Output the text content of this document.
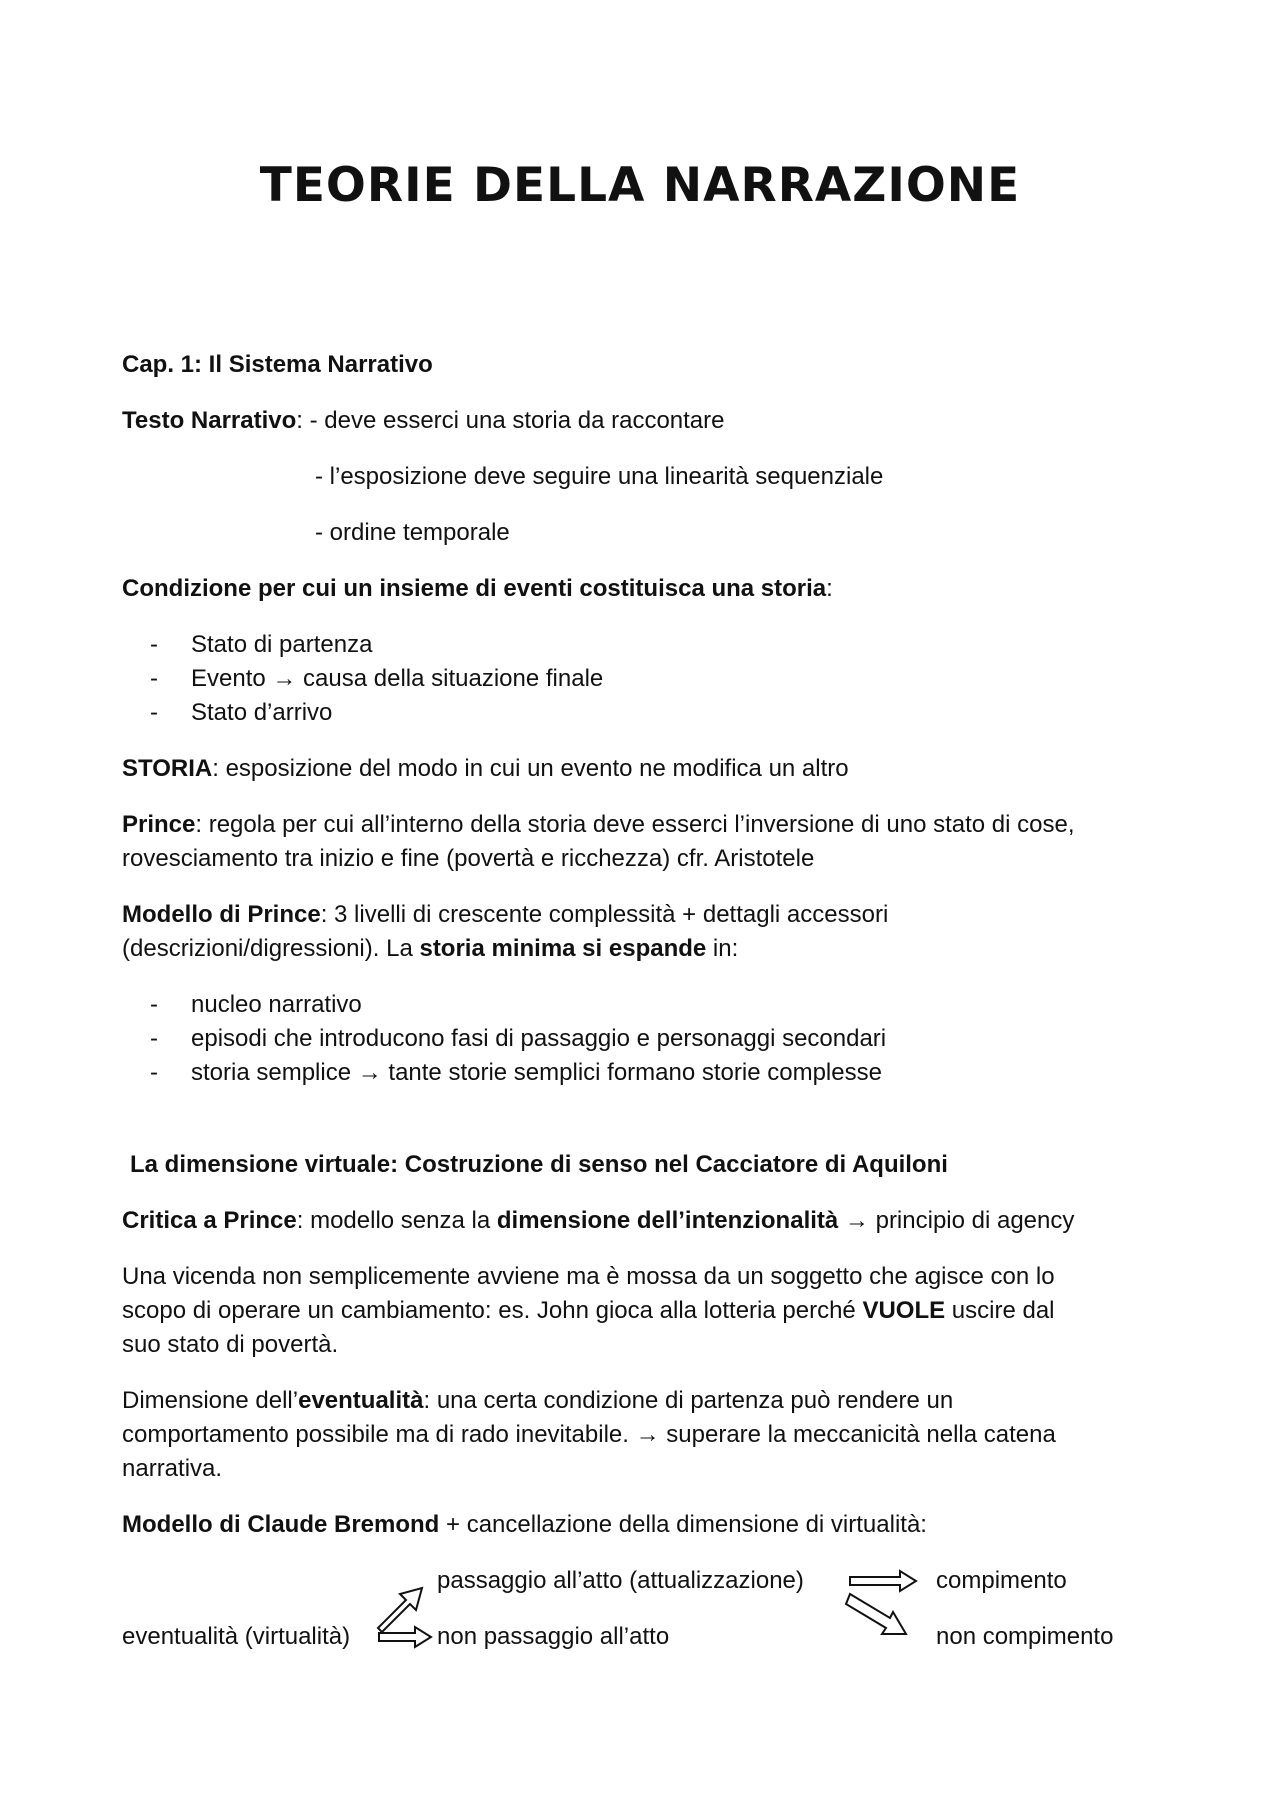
TEORIE DELLA NARRAZIONE

Cap. 1: Il Sistema Narrativo

Testo Narrativo: - deve esserci una storia da raccontare

- l’esposizione deve seguire una linearità sequenziale

- ordine temporale

Condizione per cui un insieme di eventi costituisca una storia:

- Stato di partenza

- Evento → causa della situazione finale

- Stato d’arrivo

STORIA: esposizione del modo in cui un evento ne modifica un altro

Prince: regola per cui all’interno della storia deve esserci l’inversione di uno stato di cose,

rovesciamento tra inizio e fine (povertà e ricchezza) cfr. Aristotele

Modello di Prince: 3 livelli di crescente complessità + dettagli accessori

(descrizioni/digressioni). La storia minima si espande in:

- nucleo narrativo

- episodi che introducono fasi di passaggio e personaggi secondari

- storia semplice → tante storie semplici formano storie complesse

La dimensione virtuale: Costruzione di senso nel Cacciatore di Aquiloni

Critica a Prince: modello senza la dimensione dell’intenzionalità → principio di agency

Una vicenda non semplicemente avviene ma è mossa da un soggetto che agisce con lo

scopo di operare un cambiamento: es. John gioca alla lotteria perché VUOLE uscire dal

suo stato di povertà.

Dimensione dell’eventualità: una certa condizione di partenza può rendere un

comportamento possibile ma di rado inevitabile. → superare la meccanicità nella catena

narrativa.

Modello di Claude Bremond + cancellazione della dimensione di virtualità:

passaggio all’atto (attualizzazione)	compimento

eventualità (virtualità)	non passaggio all’atto	non compimento
